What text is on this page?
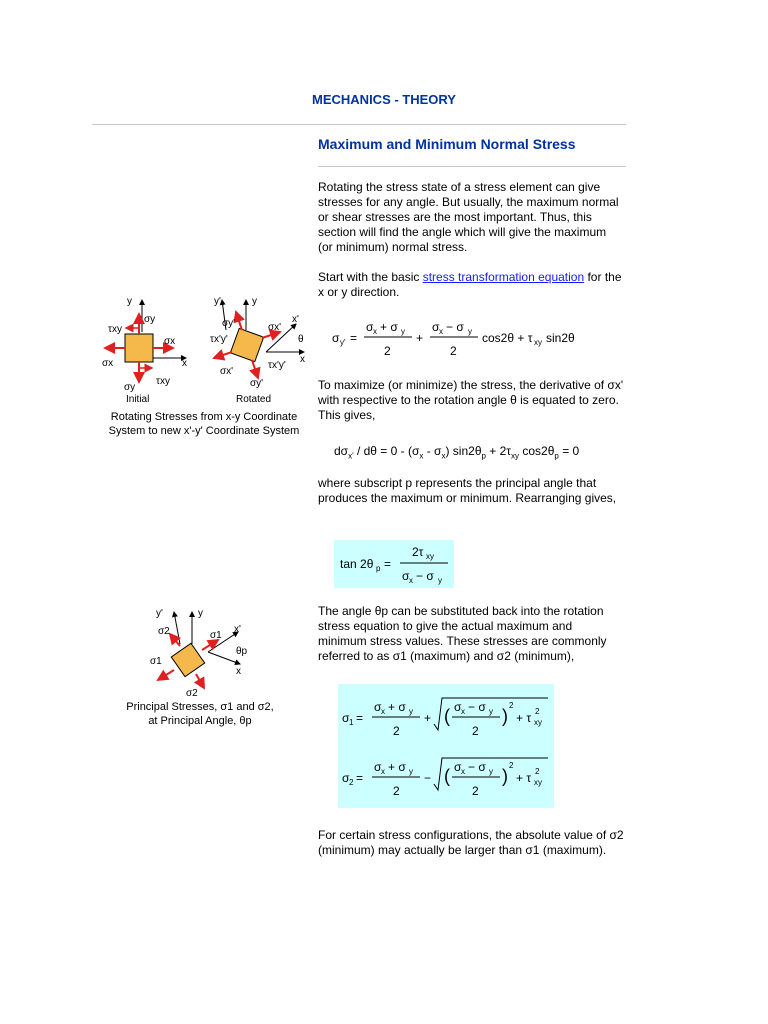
MECHANICS - THEORY
Maximum and Minimum Normal Stress
Rotating the stress state of a stress element can give stresses for any angle. But usually, the maximum normal or shear stresses are the most important. Thus, this section will find the angle which will give the maximum (or minimum) normal stress.
Start with the basic stress transformation equation for the x or y direction.
σ y' =
σ x + σ y
2
+
σ x − σ y
2
cos2θ + τ xy sin2θ
To maximize (or minimize) the stress, the derivative of σx' with respective to the rotation angle θ is equated to zero. This gives,
$d\sigma_{x'} / d\theta = 0 - (\sigma_x - \sigma_x) \sin 2\theta_p + 2\tau_{xy}$ $\cos 2\theta_p = 0$
where subscript p represents the principal angle that produces the maximum or minimum. Rearranging gives,
tan 2θ p =
2τ xy
σ x − σ y
The angle θp can be substituted back into the rotation stress equation to give the actual maximum and minimum stress values. These stresses are commonly referred to as σ1 (maximum) and σ2 (minimum),
σ 1 =
σ x + σ y
2
+ ( σ x − σ y
2
)
2
+ τ xy
2
σ 2 =
σ x + σ y
2
− ( σ x − σ y
2
)
2
+ τ xy
2
For certain stress configurations, the absolute value of σ2 (minimum) may actually be larger than σ1 (maximum).
y
x
σy
τxy
σx
σx
σy
τxy
y'	y
x'
x
θ
σy'
τx'y'
σx'
σx'
σy'
τx'y'
Initial	Rotated
Rotating Stresses from x-y Coordinate
System to new x'-y' Coordinate System
y'	y
x'
x
θp
σ2	σ1
σ1
σ2
Principal Stresses, σ1 and σ2,
at Principal Angle, θp
